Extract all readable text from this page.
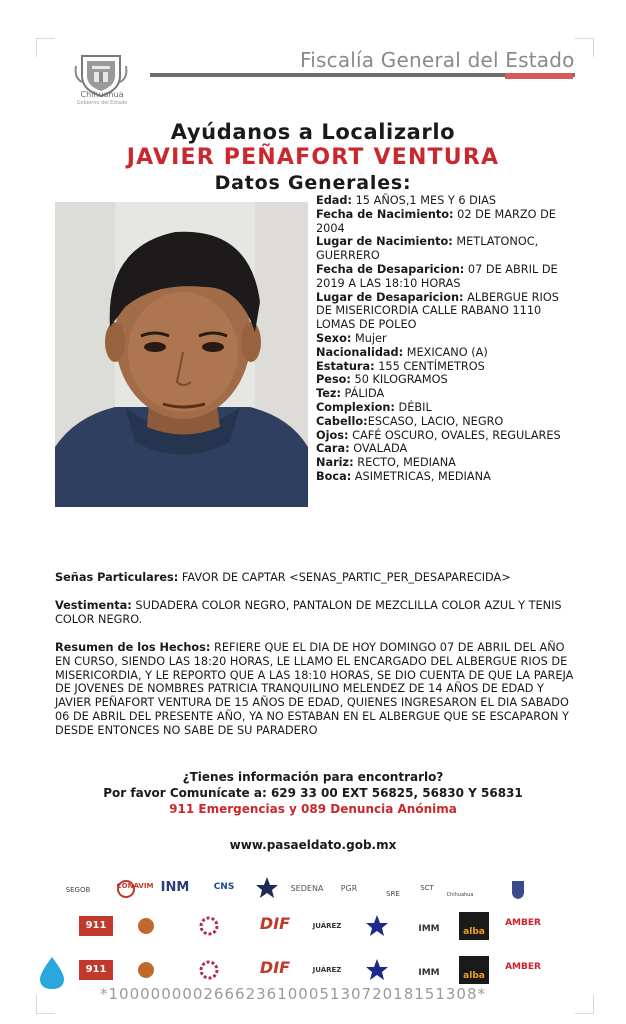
Chihuahua
Gobierno del Estado
Fiscalía General del Estado
Ayúdanos a Localizarlo
JAVIER PEÑAFORT VENTURA
Datos Generales:
Edad: 15 AÑOS,1 MES Y 6 DIAS
Fecha de Nacimiento: 02 DE MARZO DE 2004
Lugar de Nacimiento: METLATONOC, GUERRERO
Fecha de Desaparicion: 07 DE ABRIL DE 2019 A LAS 18:10 HORAS
Lugar de Desaparicion: ALBERGUE RIOS DE MISERICORDIA CALLE RABANO 1110 LOMAS DE POLEO
Sexo: Mujer
Nacionalidad: MEXICANO (A)
Estatura: 155 CENTÍMETROS
Peso: 50 KILOGRAMOS
Tez: PÁLIDA
Complexion: DÉBIL
Cabello:ESCASO, LACIO, NEGRO
Ojos: CAFÉ OSCURO, OVALES, REGULARES
Cara: OVALADA
Nariz: RECTO, MEDIANA
Boca: ASIMETRICAS, MEDIANA
Señas Particulares: FAVOR DE CAPTAR <SENAS_PARTIC_PER_DESAPARECIDA>
Vestimenta: SUDADERA COLOR NEGRO, PANTALON DE MEZCLILLA COLOR AZUL Y TENIS COLOR NEGRO.
Resumen de los Hechos: REFIERE QUE EL DIA DE HOY DOMINGO 07 DE ABRIL DEL AÑO EN CURSO, SIENDO LAS 18:20 HORAS, LE LLAMO EL ENCARGADO DEL ALBERGUE RIOS DE MISERICORDIA, Y LE REPORTO QUE A LAS 18:10 HORAS, SE DIO CUENTA DE QUE LA PAREJA DE JOVENES DE NOMBRES PATRICIA TRANQUILINO MELENDEZ DE 14 AÑOS DE EDAD Y JAVIER PEÑAFORT VENTURA DE 15 AÑOS DE EDAD, QUIENES INGRESARON EL DIA SABADO 06 DE ABRIL DEL PRESENTE AÑO, YA NO ESTABAN EN EL ALBERGUE QUE SE ESCAPARON Y DESDE ENTONCES NO SABE DE SU PARADERO
¿Tienes información para encontrarlo?
Por favor Comunícate a: 629 33 00 EXT 56825, 56830 Y 56831
911 Emergencias y 089 Denuncia Anónima
www.pasaeldato.gob.mx
SEGOB	CONAVIM INM	CNS	SEDENA	PGR
SRE
SCT
Chihuahua
911	DIF	JUÁREZ	IMM	alba
AMBER
911	DIF	JUÁREZ	IMM	alba
AMBER
*10000000026662361000513072018151308*
